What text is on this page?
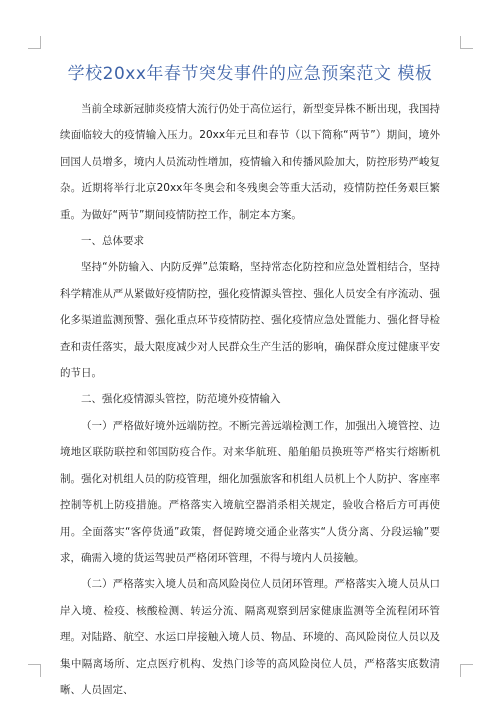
学校20xx年春节突发事件的应急预案范文 模板

当前全球新冠肺炎疫情大流行仍处于高位运行，新型变异株不断出现，我国持续面临较大的疫情输入压力。20xx年元旦和春节（以下简称“两节”）期间，境外回国人员增多，境内人员流动性增加，疫情输入和传播风险加大，防控形势严峻复杂。近期将举行北京20xx年冬奥会和冬残奥会等重大活动，疫情防控任务艰巨繁重。为做好“两节”期间疫情防控工作，制定本方案。

一、总体要求

坚持“外防输入、内防反弹”总策略，坚持常态化防控和应急处置相结合，坚持科学精准从严从紧做好疫情防控，强化疫情源头管控、强化人员安全有序流动、强化多渠道监测预警、强化重点环节疫情防控、强化疫情应急处置能力、强化督导检查和责任落实，最大限度减少对人民群众生产生活的影响，确保群众度过健康平安的节日。

二、强化疫情源头管控，防范境外疫情输入

（一）严格做好境外远端防控。不断完善远端检测工作，加强出入境管控、边境地区联防联控和邻国防疫合作。对来华航班、船舶船员换班等严格实行熔断机制。强化对机组人员的防疫管理，细化加强旅客和机组人员机上个人防护、客座率控制等机上防疫措施。严格落实入境航空器消杀相关规定，验收合格后方可再使用。全面落实“客停货通”政策，督促跨境交通企业落实“人货分离、分段运输”要求，确需入境的货运驾驶员严格闭环管理，不得与境内人员接触。

（二）严格落实入境人员和高风险岗位人员闭环管理。严格落实入境人员从口岸入境、检疫、核酸检测、转运分流、隔离观察到居家健康监测等全流程闭环管理。对陆路、航空、水运口岸接触入境人员、物品、环境的、高风险岗位人员以及集中隔离场所、定点医疗机构、发热门诊等的高风险岗位人员，严格落实底数清晰、人员固定、
